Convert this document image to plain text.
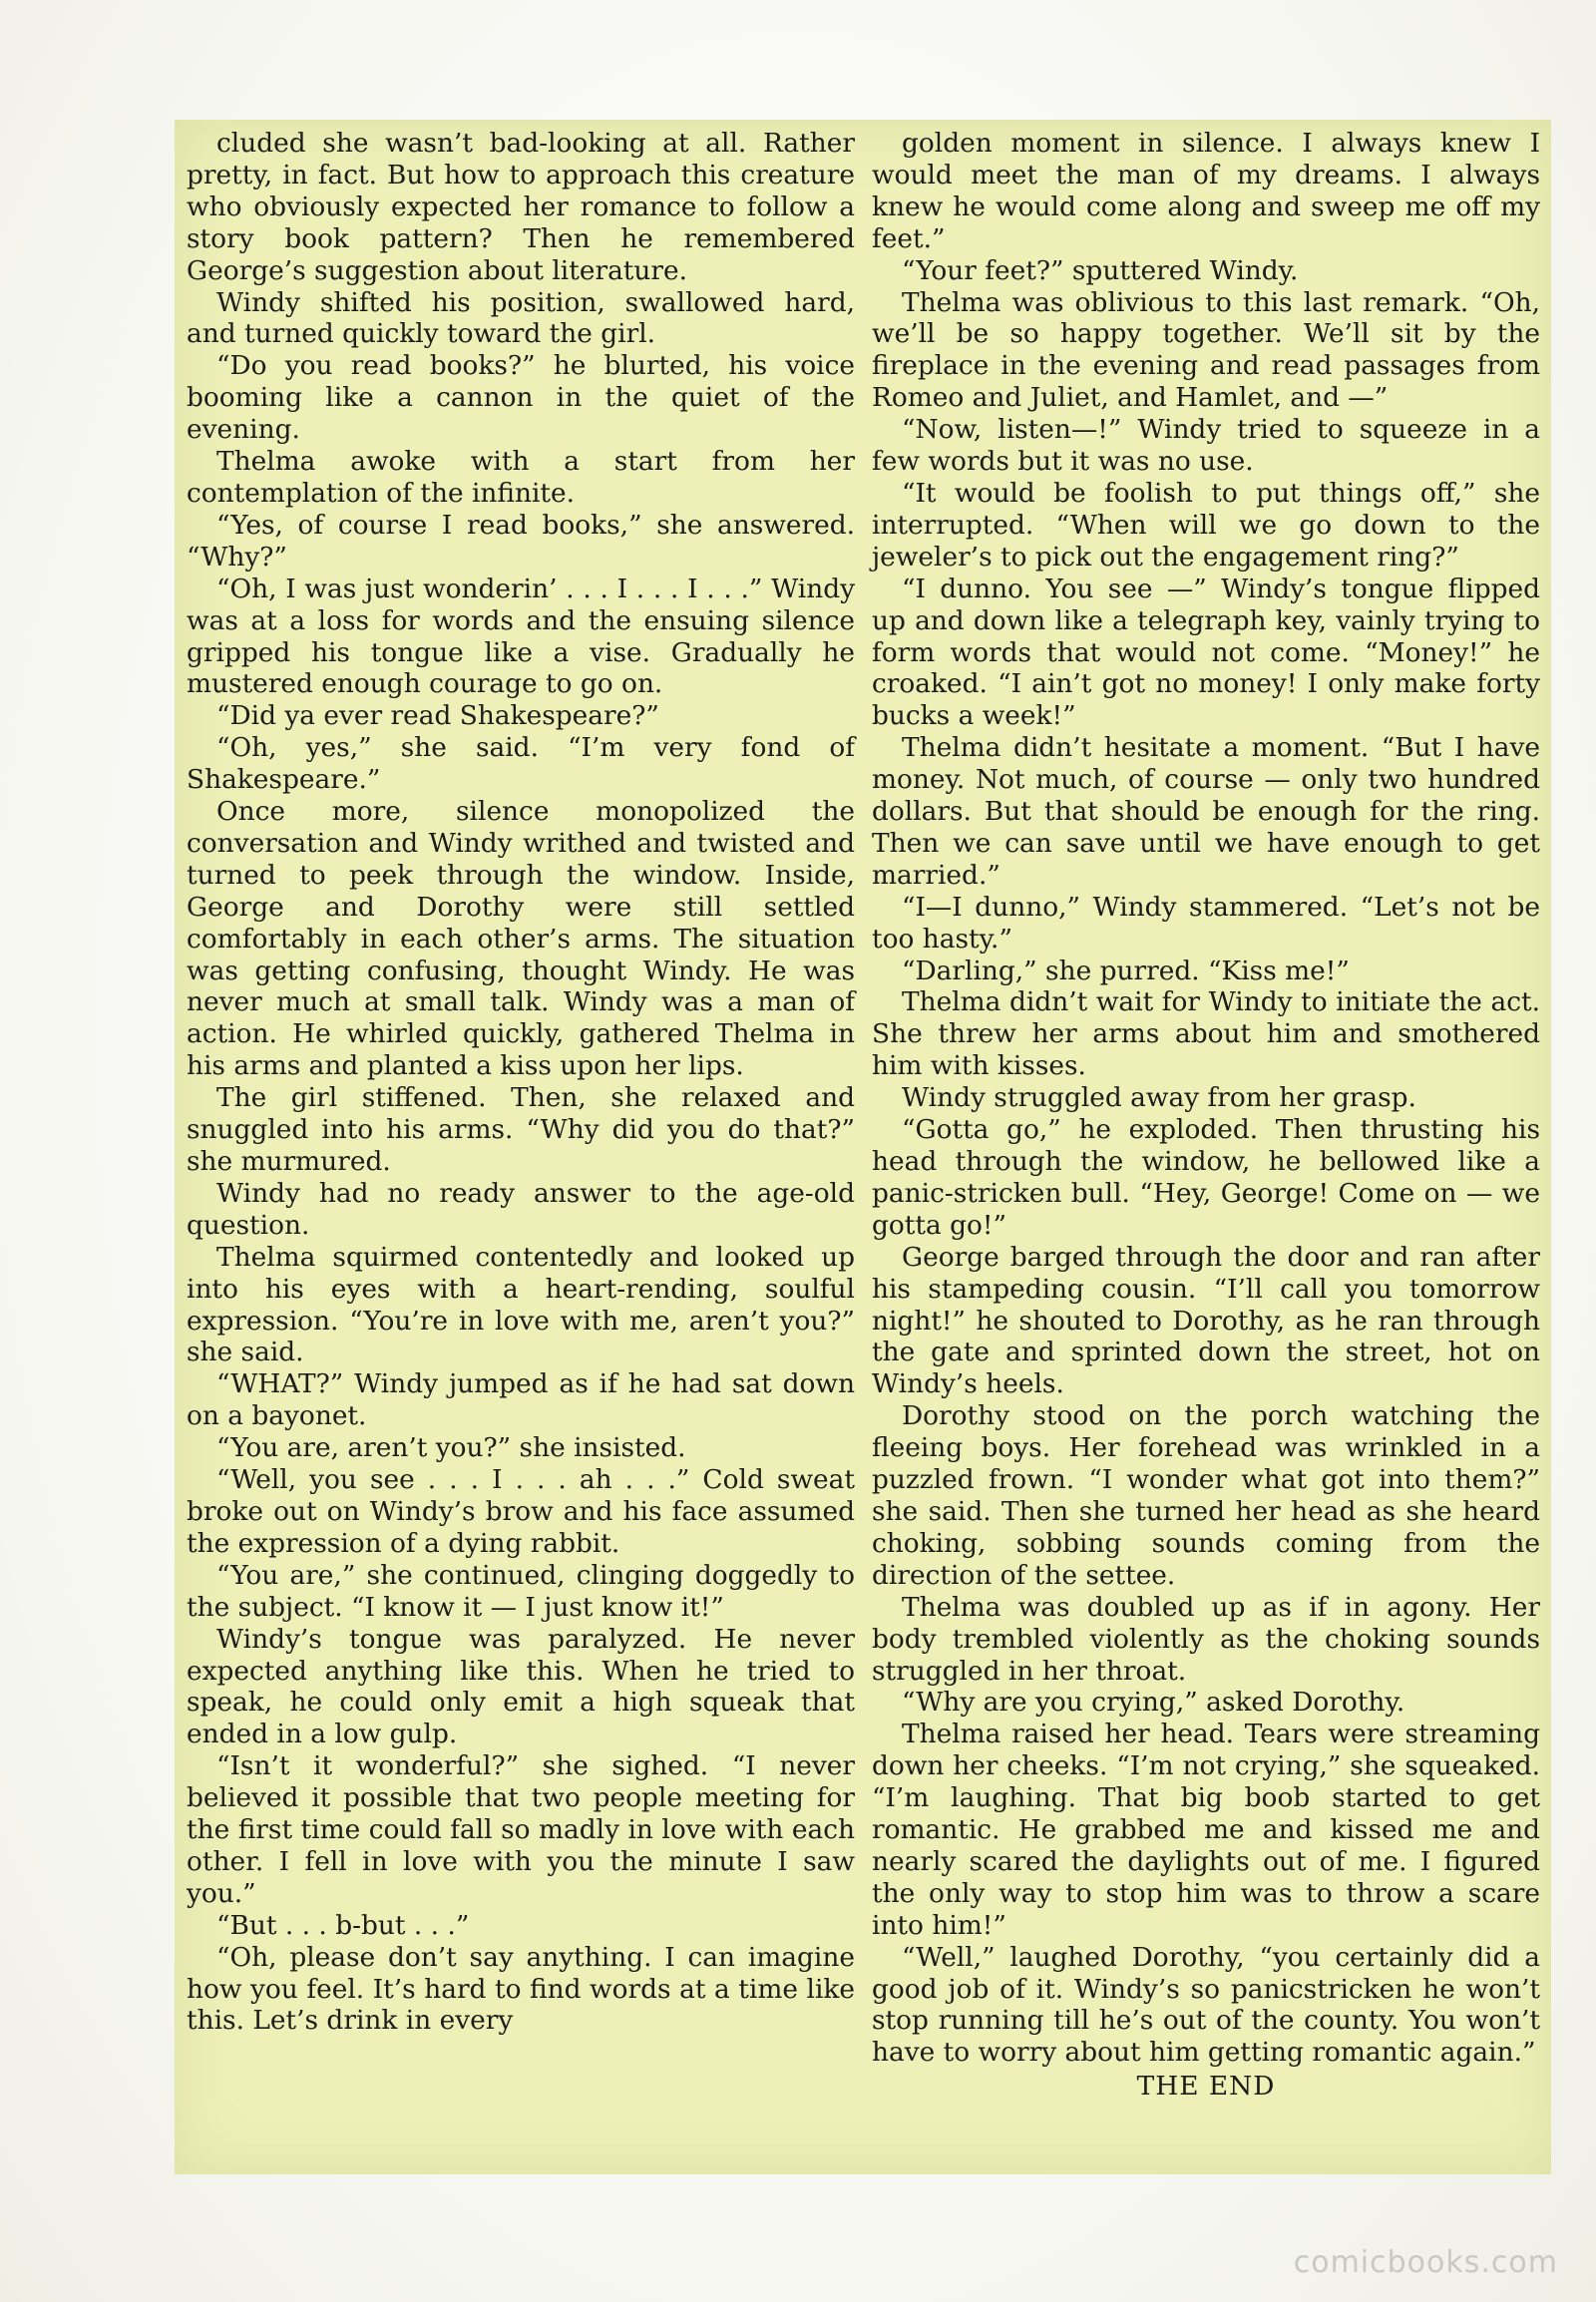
cluded she wasn’t bad-looking at all. Rather pretty, in fact. But how to approach this creature who obviously expected her romance to follow a story book pattern? Then he remembered George’s suggestion about literature.

Windy shifted his position, swallowed hard, and turned quickly toward the girl.

“Do you read books?” he blurted, his voice booming like a cannon in the quiet of the evening.

Thelma awoke with a start from her contemplation of the infinite.

“Yes, of course I read books,” she answered. “Why?”

“Oh, I was just wonderin’ . . . I . . . I . . .” Windy was at a loss for words and the ensuing silence gripped his tongue like a vise. Gradually he mustered enough courage to go on.

“Did ya ever read Shakespeare?”

“Oh, yes,” she said. “I’m very fond of Shakespeare.”

Once more, silence monopolized the conversation and Windy writhed and twisted and turned to peek through the window. Inside, George and Dorothy were still settled comfortably in each other’s arms. The situation was getting confusing, thought Windy. He was never much at small talk. Windy was a man of action. He whirled quickly, gathered Thelma in his arms and planted a kiss upon her lips.

The girl stiffened. Then, she relaxed and snuggled into his arms. “Why did you do that?” she murmured.

Windy had no ready answer to the age-old question.

Thelma squirmed contentedly and looked up into his eyes with a heart-rending, soulful expression. “You’re in love with me, aren’t you?” she said.

“WHAT?” Windy jumped as if he had sat down on a bayonet.

“You are, aren’t you?” she insisted.

“Well, you see . . . I . . . ah . . .” Cold sweat broke out on Windy’s brow and his face assumed the expression of a dying rabbit.

“You are,” she continued, clinging doggedly to the subject. “I know it — I just know it!”

Windy’s tongue was paralyzed. He never expected anything like this. When he tried to speak, he could only emit a high squeak that ended in a low gulp.

“Isn’t it wonderful?” she sighed. “I never believed it possible that two people meeting for the first time could fall so madly in love with each other. I fell in love with you the minute I saw you.”

“But . . . b-but . . .”

“Oh, please don’t say anything. I can imagine how you feel. It’s hard to find words at a time like this. Let’s drink in every

golden moment in silence. I always knew I would meet the man of my dreams. I always knew he would come along and sweep me off my feet.”

“Your feet?” sputtered Windy.

Thelma was oblivious to this last remark. “Oh, we’ll be so happy together. We’ll sit by the fireplace in the evening and read passages from Romeo and Juliet, and Hamlet, and —”

“Now, listen—!” Windy tried to squeeze in a few words but it was no use.

“It would be foolish to put things off,” she interrupted. “When will we go down to the jeweler’s to pick out the engagement ring?”

“I dunno. You see —” Windy’s tongue flipped up and down like a telegraph key, vainly trying to form words that would not come. “Money!” he croaked. “I ain’t got no money! I only make forty bucks a week!”

Thelma didn’t hesitate a moment. “But I have money. Not much, of course — only two hundred dollars. But that should be enough for the ring. Then we can save until we have enough to get married.”

“I—I dunno,” Windy stammered. “Let’s not be too hasty.”

“Darling,” she purred. “Kiss me!”

Thelma didn’t wait for Windy to initiate the act. She threw her arms about him and smothered him with kisses.

Windy struggled away from her grasp.

“Gotta go,” he exploded. Then thrusting his head through the window, he bellowed like a panic-stricken bull. “Hey, George! Come on — we gotta go!”

George barged through the door and ran after his stampeding cousin. “I’ll call you tomorrow night!” he shouted to Dorothy, as he ran through the gate and sprinted down the street, hot on Windy’s heels.

Dorothy stood on the porch watching the fleeing boys. Her forehead was wrinkled in a puzzled frown. “I wonder what got into them?” she said. Then she turned her head as she heard choking, sobbing sounds coming from the direction of the settee.

Thelma was doubled up as if in agony. Her body trembled violently as the choking sounds struggled in her throat.

“Why are you crying,” asked Dorothy.

Thelma raised her head. Tears were streaming down her cheeks. “I’m not crying,” she squeaked. “I’m laughing. That big boob started to get romantic. He grabbed me and kissed me and nearly scared the daylights out of me. I figured the only way to stop him was to throw a scare into him!”

“Well,” laughed Dorothy, “you certainly did a good job of it. Windy’s so panicstricken he won’t stop running till he’s out of the county. You won’t have to worry about him getting romantic again.”

THE END

comicbooks.com
